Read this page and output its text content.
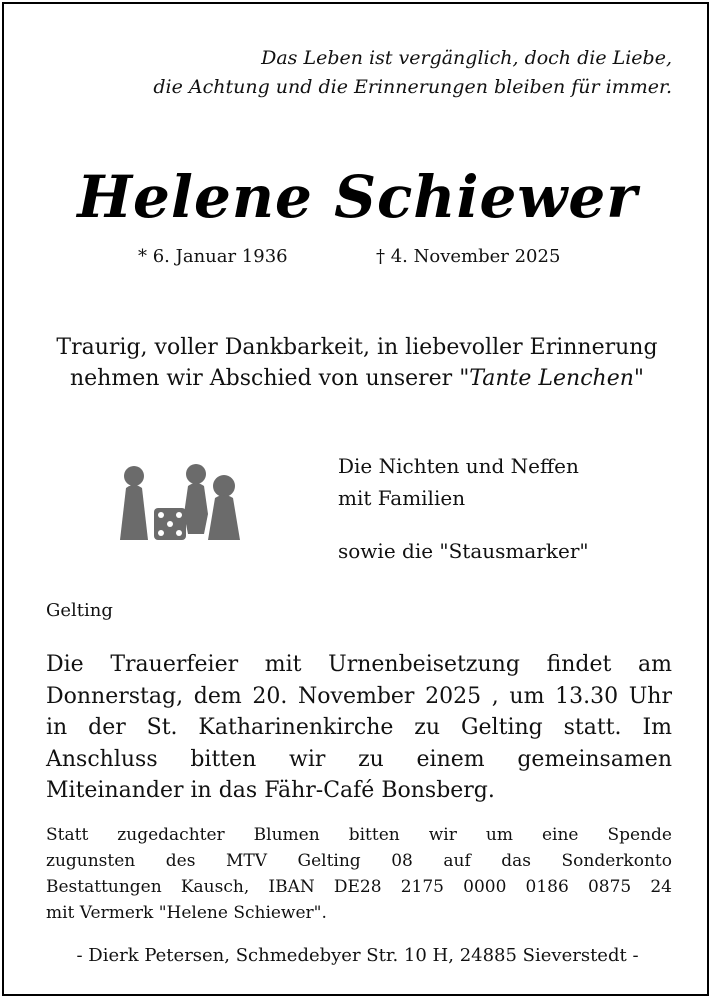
Das Leben ist vergänglich, doch die Liebe,
die Achtung und die Erinnerungen bleiben für immer.
Helene Schiewer
* 6. Januar 1936	† 4. November 2025
Traurig, voller Dankbarkeit, in liebevoller Erinnerung
nehmen wir Abschied von unserer "Tante Lenchen"
Die Nichten und Neffen
mit Familien
sowie die "Stausmarker"
Gelting
Die Trauerfeier mit Urnenbeisetzung findet am
Donnerstag, dem 20. November 2025 , um 13.30 Uhr
in der St. Katharinenkirche zu Gelting statt. Im
Anschluss bitten wir zu einem gemeinsamen
Miteinander in das Fähr-Café Bonsberg.
Statt zugedachter Blumen bitten wir um eine Spende
zugunsten des MTV Gelting 08 auf das Sonderkonto
Bestattungen Kausch, IBAN DE28 2175 0000 0186 0875 24
mit Vermerk "Helene Schiewer".
- Dierk Petersen, Schmedebyer Str. 10 H, 24885 Sieverstedt -
